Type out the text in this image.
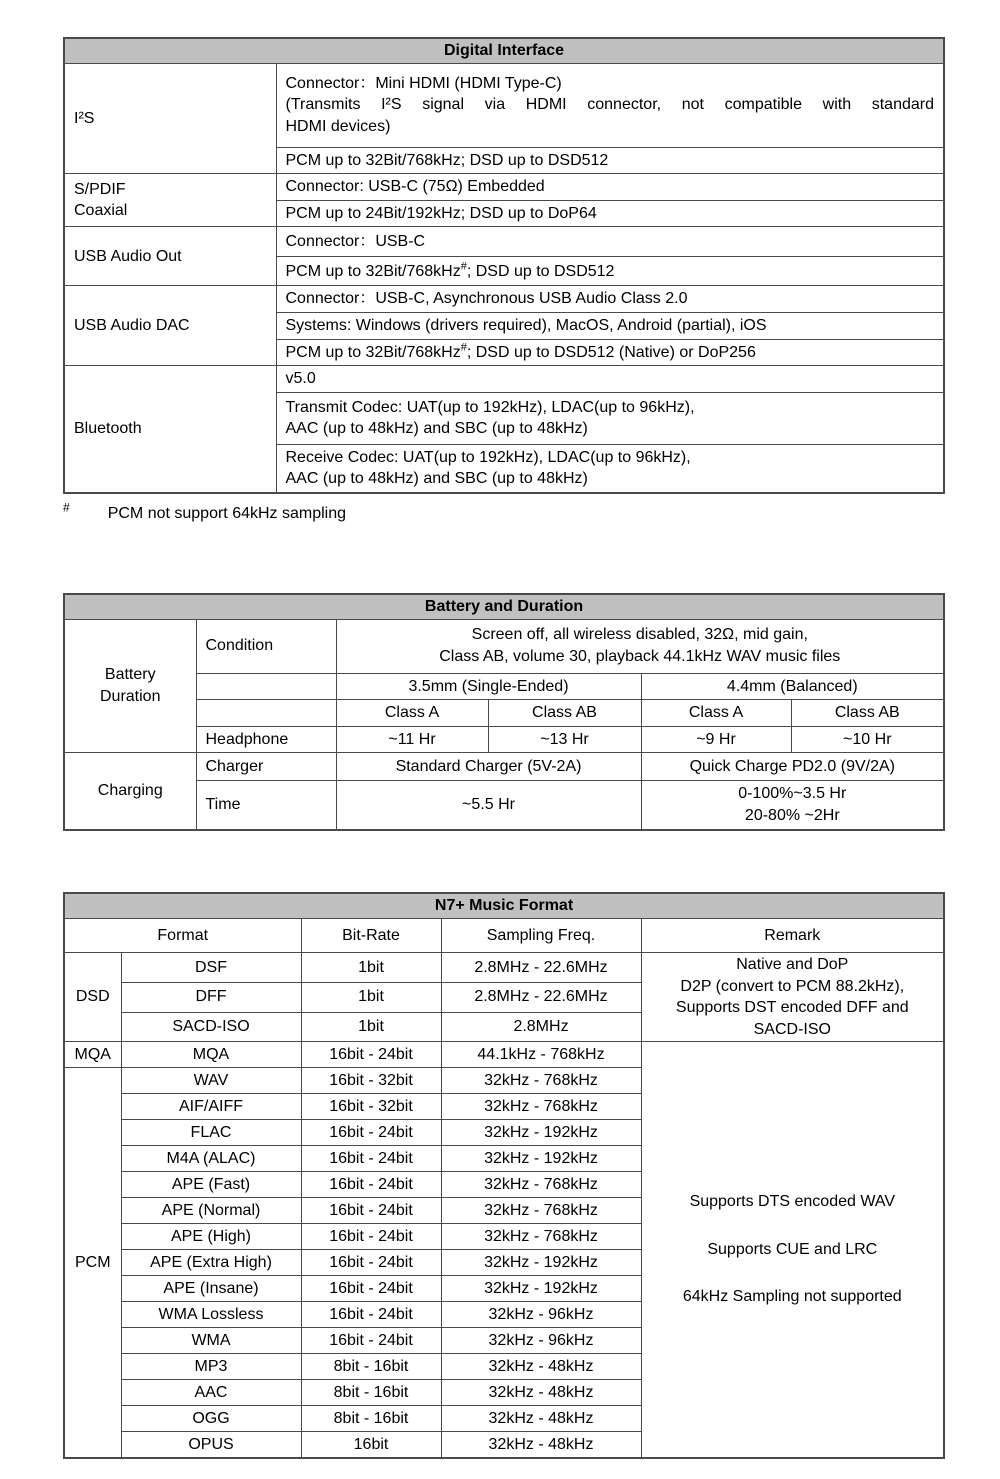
Digital Interface	
I²S	Connector：Mini HDMI (HDMI Type-C)
(Transmits I²S signal via HDMI connector, not compatible with standard
HDMI devices)

	PCM up to 32Bit/768kHz; DSD up to DSD512

S/PDIF
Coaxial	Connector: USB-C (75Ω) Embedded
	PCM up to 24Bit/192kHz; DSD up to DoP64
USB Audio Out	Connector：USB-C
	PCM up to 32Bit/768kHz#; DSD up to DSD512
USB Audio DAC	Connector：USB-C, Asynchronous USB Audio Class 2.0
	Systems: Windows (drivers required), MacOS, Android (partial), iOS
	PCM up to 32Bit/768kHz#; DSD up to DSD512 (Native) or DoP256
Bluetooth	v5.0

	Transmit Codec: UAT(up to 192kHz), LDAC(up to 96kHz),
AAC (up to 48kHz) and SBC (up to 48kHz)

	Receive Codec: UAT(up to 192kHz), LDAC(up to 96kHz),
AAC (up to 48kHz) and SBC (up to 48kHz)
# PCM not support 64kHz sampling
Battery and Duration					

Battery
Duration
	Condition	
Screen off, all wireless disabled, 32Ω, mid gain,
Class AB, volume 30, playback 44.1kHz WAV music files

		3.5mm (Single-Ended)		4.4mm (Balanced)	
		Class A	Class AB	Class A	Class AB
	Headphone	~11 Hr	~13 Hr	~9 Hr	~10 Hr
Charging	Charger	Standard Charger (5V-2A)		Quick Charge PD2.0 (9V/2A)	
	Time	~5.5 Hr		0-100%~3.5 Hr
20-80% ~2Hr	
N7+ Music Format				
Format		Bit-Rate	Sampling Freq.	Remark
DSD	DSF	1bit	2.8MHz - 22.6MHz	Native and DoP
D2P (convert to PCM 88.2kHz),
Supports DST encoded DFF and
SACD-ISO

	DFF	1bit	2.8MHz - 22.6MHz	
	SACD-ISO	1bit	2.8MHz	
MQA	MQA	16bit - 24bit	44.1kHz - 768kHz	Supports DTS encoded WAV
Supports CUE and LRC
64kHz Sampling not supported

PCM	WAV	16bit - 32bit	32kHz - 768kHz	
	AIF/AIFF	16bit - 32bit	32kHz - 768kHz	
	FLAC	16bit - 24bit	32kHz - 192kHz	
	M4A (ALAC)	16bit - 24bit	32kHz - 192kHz	
	APE (Fast)	16bit - 24bit	32kHz - 768kHz	
	APE (Normal)	16bit - 24bit	32kHz - 768kHz	
	APE (High)	16bit - 24bit	32kHz - 768kHz	
	APE (Extra High)	16bit - 24bit	32kHz - 192kHz	
	APE (Insane)	16bit - 24bit	32kHz - 192kHz	
	WMA Lossless	16bit - 24bit	32kHz - 96kHz	
	WMA	16bit - 24bit	32kHz - 96kHz	
	MP3	8bit - 16bit	32kHz - 48kHz	
	AAC	8bit - 16bit	32kHz - 48kHz	
	OGG	8bit - 16bit	32kHz - 48kHz	
	OPUS	16bit	32kHz - 48kHz	
